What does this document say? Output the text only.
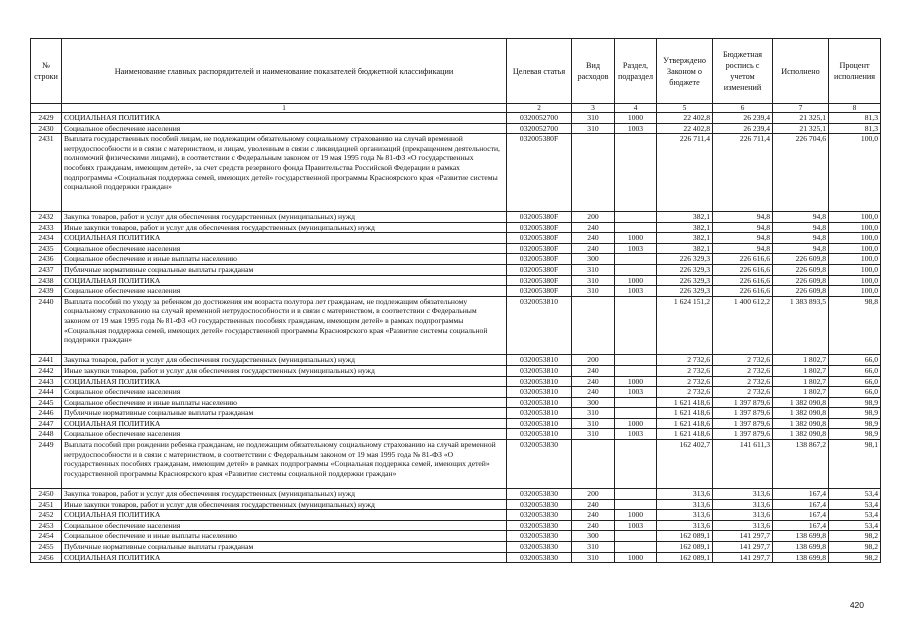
№ строки	Наименование главных распорядителей и наименование показателей бюджетной классификации	Целевая статья	Вид расходов	Раздел, подраздел	Утверждено Законом о бюджете	Бюджетная роспись с учетом изменений	Исполнено	Процент исполнения
	1	2	3	4	5	6	7	8
2429	СОЦИАЛЬНАЯ ПОЛИТИКА	0320052700	310	1000	22 402,8	26 239,4	21 325,1	81,3
2430	Социальное обеспечение населения	0320052700	310	1003	22 402,8	26 239,4	21 325,1	81,3
2431	Выплата государственных пособий лицам, не подлежащим обязательному социальному страхованию на случай временной нетрудоспособности и в связи с материнством, и лицам, уволенным в связи с ликвидацией организаций (прекращением деятельности, полномочий физическими лицами), в соответствии с Федеральным законом от 19 мая 1995 года № 81-ФЗ «О государственных пособиях гражданам, имеющим детей», за счет средств резервного фонда Правительства Российской Федерации в рамках подпрограммы «Социальная поддержка семей, имеющих детей» государственной программы Красноярского края «Развитие системы социальной поддержки граждан»	032005380F			226 711,4	226 711,4	226 704,6	100,0
2432	Закупка товаров, работ и услуг для обеспечения государственных (муниципальных) нужд	032005380F	200		382,1	94,8	94,8	100,0
2433	Иные закупки товаров, работ и услуг для обеспечения государственных (муниципальных) нужд	032005380F	240		382,1	94,8	94,8	100,0
2434	СОЦИАЛЬНАЯ ПОЛИТИКА	032005380F	240	1000	382,1	94,8	94,8	100,0
2435	Социальное обеспечение населения	032005380F	240	1003	382,1	94,8	94,8	100,0
2436	Социальное обеспечение и иные выплаты населению	032005380F	300		226 329,3	226 616,6	226 609,8	100,0
2437	Публичные нормативные социальные выплаты гражданам	032005380F	310		226 329,3	226 616,6	226 609,8	100,0
2438	СОЦИАЛЬНАЯ ПОЛИТИКА	032005380F	310	1000	226 329,3	226 616,6	226 609,8	100,0
2439	Социальное обеспечение населения	032005380F	310	1003	226 329,3	226 616,6	226 609,8	100,0
2440	Выплата пособий по уходу за ребенком до достижения им возраста полутора лет гражданам, не подлежащим обязательному социальному страхованию на случай временной нетрудоспособности и в связи с материнством, в соответствии с Федеральным законом от 19 мая 1995 года № 81-ФЗ «О государственных пособиях гражданам, имеющим детей» в рамках подпрограммы «Социальная поддержка семей, имеющих детей» государственной программы Красноярского края «Развитие системы социальной поддержки граждан»	0320053810			1 624 151,2	1 400 612,2	1 383 893,5	98,8
2441	Закупка товаров, работ и услуг для обеспечения государственных (муниципальных) нужд	0320053810	200		2 732,6	2 732,6	1 802,7	66,0
2442	Иные закупки товаров, работ и услуг для обеспечения государственных (муниципальных) нужд	0320053810	240		2 732,6	2 732,6	1 802,7	66,0
2443	СОЦИАЛЬНАЯ ПОЛИТИКА	0320053810	240	1000	2 732,6	2 732,6	1 802,7	66,0
2444	Социальное обеспечение населения	0320053810	240	1003	2 732,6	2 732,6	1 802,7	66,0
2445	Социальное обеспечение и иные выплаты населению	0320053810	300		1 621 418,6	1 397 879,6	1 382 090,8	98,9
2446	Публичные нормативные социальные выплаты гражданам	0320053810	310		1 621 418,6	1 397 879,6	1 382 090,8	98,9
2447	СОЦИАЛЬНАЯ ПОЛИТИКА	0320053810	310	1000	1 621 418,6	1 397 879,6	1 382 090,8	98,9
2448	Социальное обеспечение населения	0320053810	310	1003	1 621 418,6	1 397 879,6	1 382 090,8	98,9
2449	Выплата пособий при рождении ребенка гражданам, не подлежащим обязательному социальному страхованию на случай временной нетрудоспособности и в связи с материнством, в соответствии с Федеральным законом от 19 мая 1995 года № 81-ФЗ «О государственных пособиях гражданам, имеющим детей» в рамках подпрограммы «Социальная поддержка семей, имеющих детей» государственной программы Красноярского края «Развитие системы социальной поддержки граждан»	0320053830			162 402,7	141 611,3	138 867,2	98,1
2450	Закупка товаров, работ и услуг для обеспечения государственных (муниципальных) нужд	0320053830	200		313,6	313,6	167,4	53,4
2451	Иные закупки товаров, работ и услуг для обеспечения государственных (муниципальных) нужд	0320053830	240		313,6	313,6	167,4	53,4
2452	СОЦИАЛЬНАЯ ПОЛИТИКА	0320053830	240	1000	313,6	313,6	167,4	53,4
2453	Социальное обеспечение населения	0320053830	240	1003	313,6	313,6	167,4	53,4
2454	Социальное обеспечение и иные выплаты населению	0320053830	300		162 089,1	141 297,7	138 699,8	98,2
2455	Публичные нормативные социальные выплаты гражданам	0320053830	310		162 089,1	141 297,7	138 699,8	98,2
2456	СОЦИАЛЬНАЯ ПОЛИТИКА	0320053830	310	1000	162 089,1	141 297,7	138 699,8	98,2
420
